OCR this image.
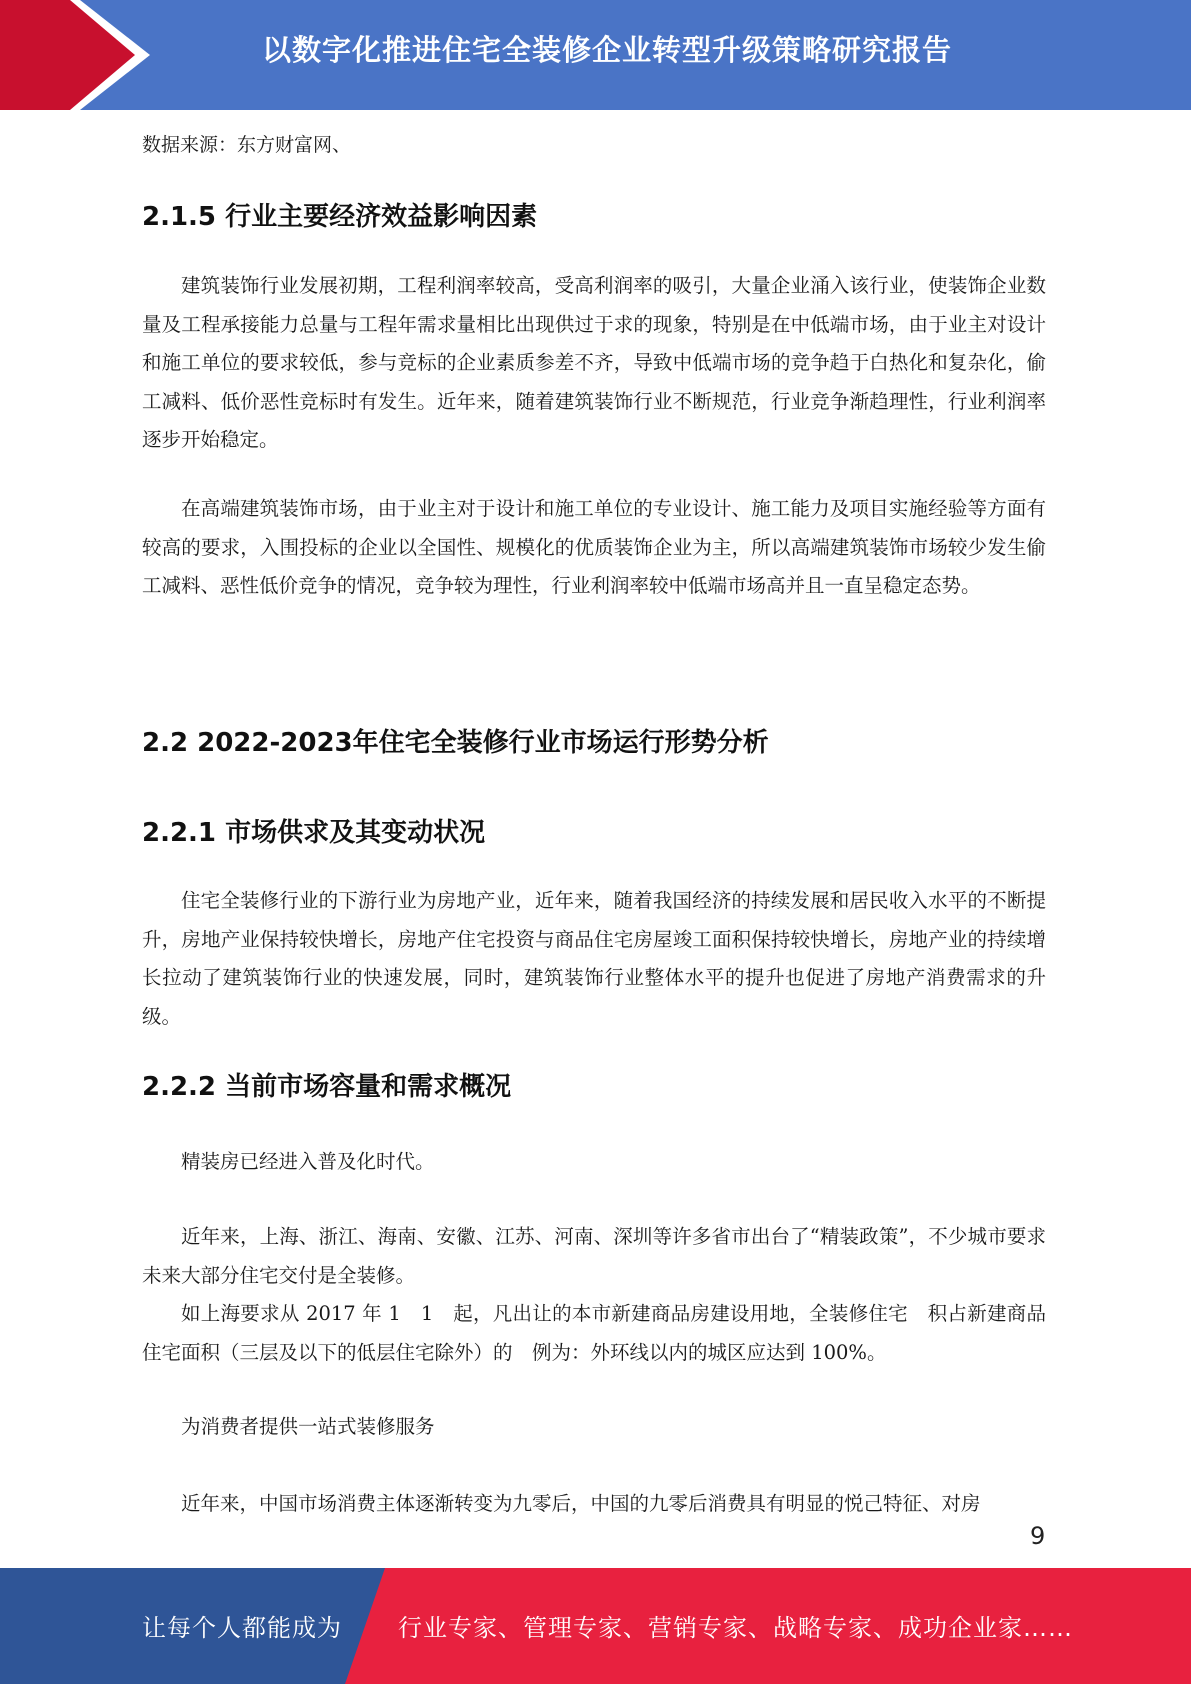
以数字化推进住宅全装修企业转型升级策略研究报告
数据来源：东方财富网、
2.1.5 行业主要经济效益影响因素

建筑装饰行业发展初期，工程利润率较高，受高利润率的吸引，大量企业涌入该行业，使装饰企业数量及工程承接能力总量与工程年需求量相比出现供过于求的现象，特别是在中低端市场，由于业主对设计和施工单位的要求较低，参与竞标的企业素质参差不齐，导致中低端市场的竞争趋于白热化和复杂化，偷工减料、低价恶性竞标时有发生。近年来，随着建筑装饰行业不断规范，行业竞争渐趋理性，行业利润率逐步开始稳定。

在高端建筑装饰市场，由于业主对于设计和施工单位的专业设计、施工能力及项目实施经验等方面有较高的要求，入围投标的企业以全国性、规模化的优质装饰企业为主，所以高端建筑装饰市场较少发生偷工减料、恶性低价竞争的情况，竞争较为理性，行业利润率较中低端市场高并且一直呈稳定态势。

2.2 2022-2023年住宅全装修行业市场运行形势分析
2.2.1 市场供求及其变动状况

住宅全装修行业的下游行业为房地产业，近年来，随着我国经济的持续发展和居民收入水平的不断提升，房地产业保持较快增长，房地产住宅投资与商品住宅房屋竣工面积保持较快增长，房地产业的持续增长拉动了建筑装饰行业的快速发展，同时，建筑装饰行业整体水平的提升也促进了房地产消费需求的升级。

2.2.2 当前市场容量和需求概况

精装房已经进入普及化时代。

近年来，上海、浙江、海南、安徽、江苏、河南、深圳等许多省市出台了“精装政策”，不少城市要求未来大部分住宅交付是全装修。

如上海要求从 2017 年 1　1　起，凡出让的本市新建商品房建设用地，全装修住宅　积占新建商品住宅面积（三层及以下的低层住宅除外）的　例为：外环线以内的城区应达到 100%。

为消费者提供一站式装修服务

近年来，中国市场消费主体逐渐转变为九零后，中国的九零后消费具有明显的悦己特征、对房

9
让每个人都能成为 行业专家、管理专家、营销专家、战略专家、成功企业家……
